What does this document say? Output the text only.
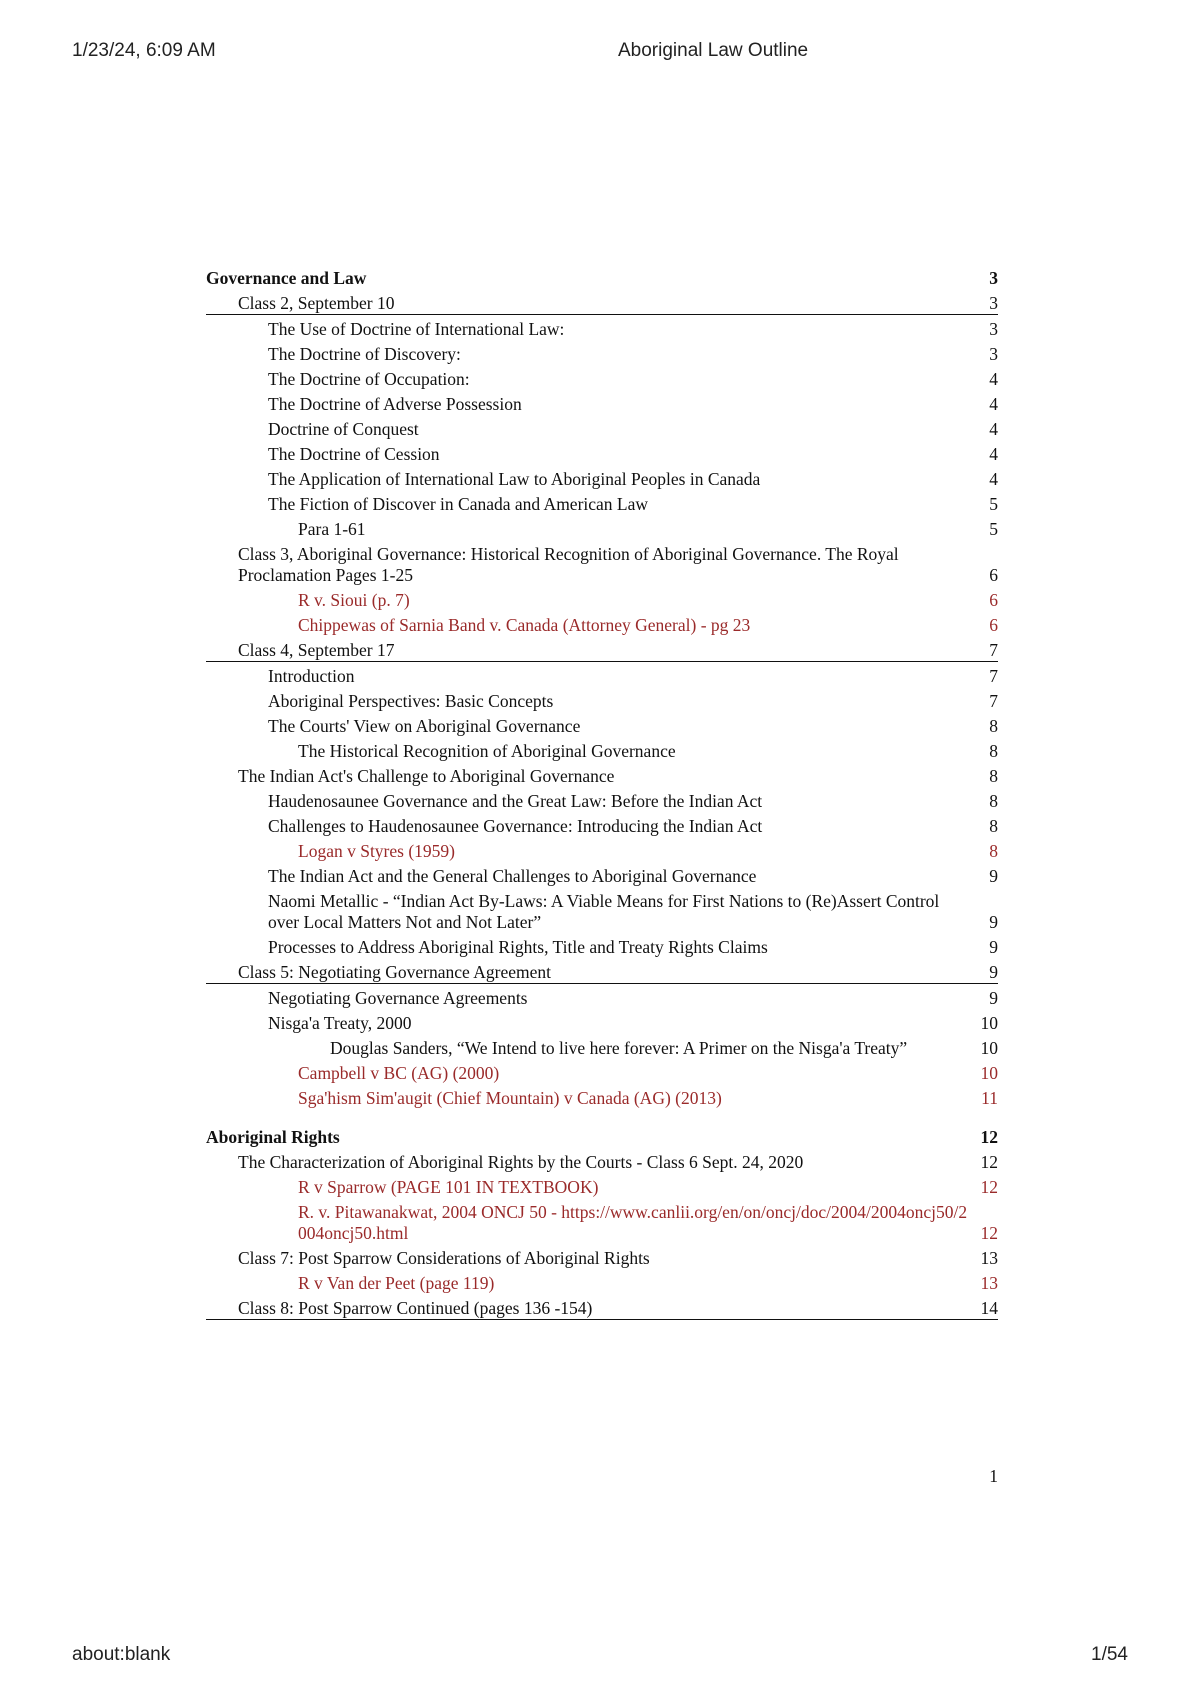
1/23/24, 6:09 AM	Aboriginal Law Outline
Governance and Law	3
Class 2, September 10	3
The Use of Doctrine of International Law:	3
The Doctrine of Discovery:	3
The Doctrine of Occupation:	4
The Doctrine of Adverse Possession	4
Doctrine of Conquest	4
The Doctrine of Cession	4
The Application of International Law to Aboriginal Peoples in Canada	4
The Fiction of Discover in Canada and American Law	5
Para 1-61	5
Class 3, Aboriginal Governance: Historical Recognition of Aboriginal Governance. The Royal Proclamation Pages 1-25	6
R v. Sioui (p. 7)	6
Chippewas of Sarnia Band v. Canada (Attorney General) - pg 23	6
Class 4, September 17	7
Introduction	7
Aboriginal Perspectives: Basic Concepts	7
The Courts' View on Aboriginal Governance	8
The Historical Recognition of Aboriginal Governance	8
The Indian Act's Challenge to Aboriginal Governance	8
Haudenosaunee Governance and the Great Law: Before the Indian Act	8
Challenges to Haudenosaunee Governance: Introducing the Indian Act	8
Logan v Styres (1959)	8
The Indian Act and the General Challenges to Aboriginal Governance	9
Naomi Metallic - “Indian Act By-Laws: A Viable Means for First Nations to (Re)Assert Control over Local Matters Not and Not Later”	9
Processes to Address Aboriginal Rights, Title and Treaty Rights Claims	9
Class 5: Negotiating Governance Agreement	9
Negotiating Governance Agreements	9
Nisga'a Treaty, 2000	10
Douglas Sanders, “We Intend to live here forever: A Primer on the Nisga'a Treaty”	10
Campbell v BC (AG) (2000)	10
Sga'hism Sim'augit (Chief Mountain) v Canada (AG) (2013)	11
Aboriginal Rights	12
The Characterization of Aboriginal Rights by the Courts - Class 6 Sept. 24, 2020	12
R v Sparrow (PAGE 101 IN TEXTBOOK)	12
R. v. Pitawanakwat, 2004 ONCJ 50 - https://www.canlii.org/en/on/oncj/doc/2004/2004oncj50/2004oncj50.html	12
Class 7: Post Sparrow Considerations of Aboriginal Rights	13
R v Van der Peet (page 119)	13
Class 8: Post Sparrow Continued (pages 136 -154)	14
1
about:blank	1/54
